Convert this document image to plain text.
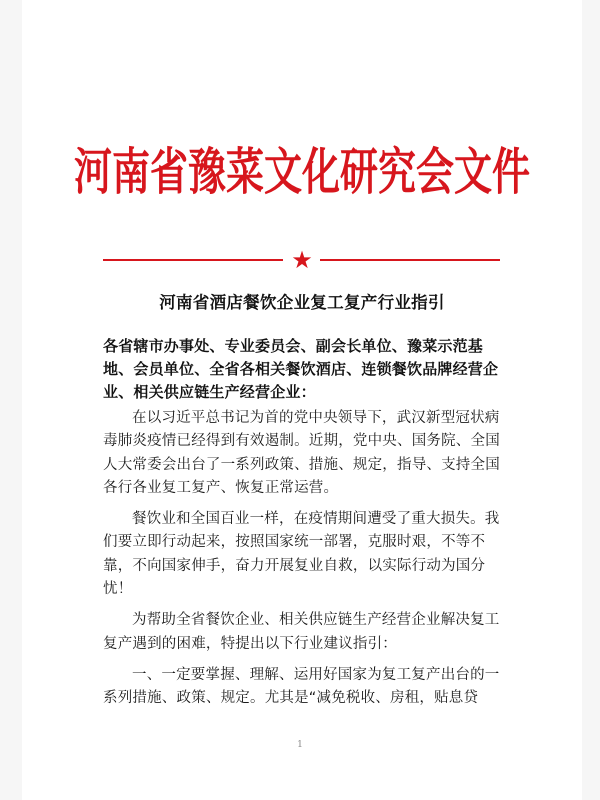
河南省豫菜文化研究会文件
★
河南省酒店餐饮企业复工复产行业指引
各省辖市办事处、专业委员会、副会长单位、豫菜示范基地、会员单位、全省各相关餐饮酒店、连锁餐饮品牌经营企业、相关供应链生产经营企业：

在以习近平总书记为首的党中央领导下，武汉新型冠状病毒肺炎疫情已经得到有效遏制。近期，党中央、国务院、全国人大常委会出台了一系列政策、措施、规定，指导、支持全国各行各业复工复产、恢复正常运营。

餐饮业和全国百业一样，在疫情期间遭受了重大损失。我们要立即行动起来，按照国家统一部署，克服时艰，不等不靠，不向国家伸手，奋力开展复业自救，以实际行动为国分忧！

为帮助全省餐饮企业、相关供应链生产经营企业解决复工复产遇到的困难，特提出以下行业建议指引：

一、一定要掌握、理解、运用好国家为复工复产出台的一系列措施、政策、规定。尤其是“减免税收、房租，贴息贷

1
